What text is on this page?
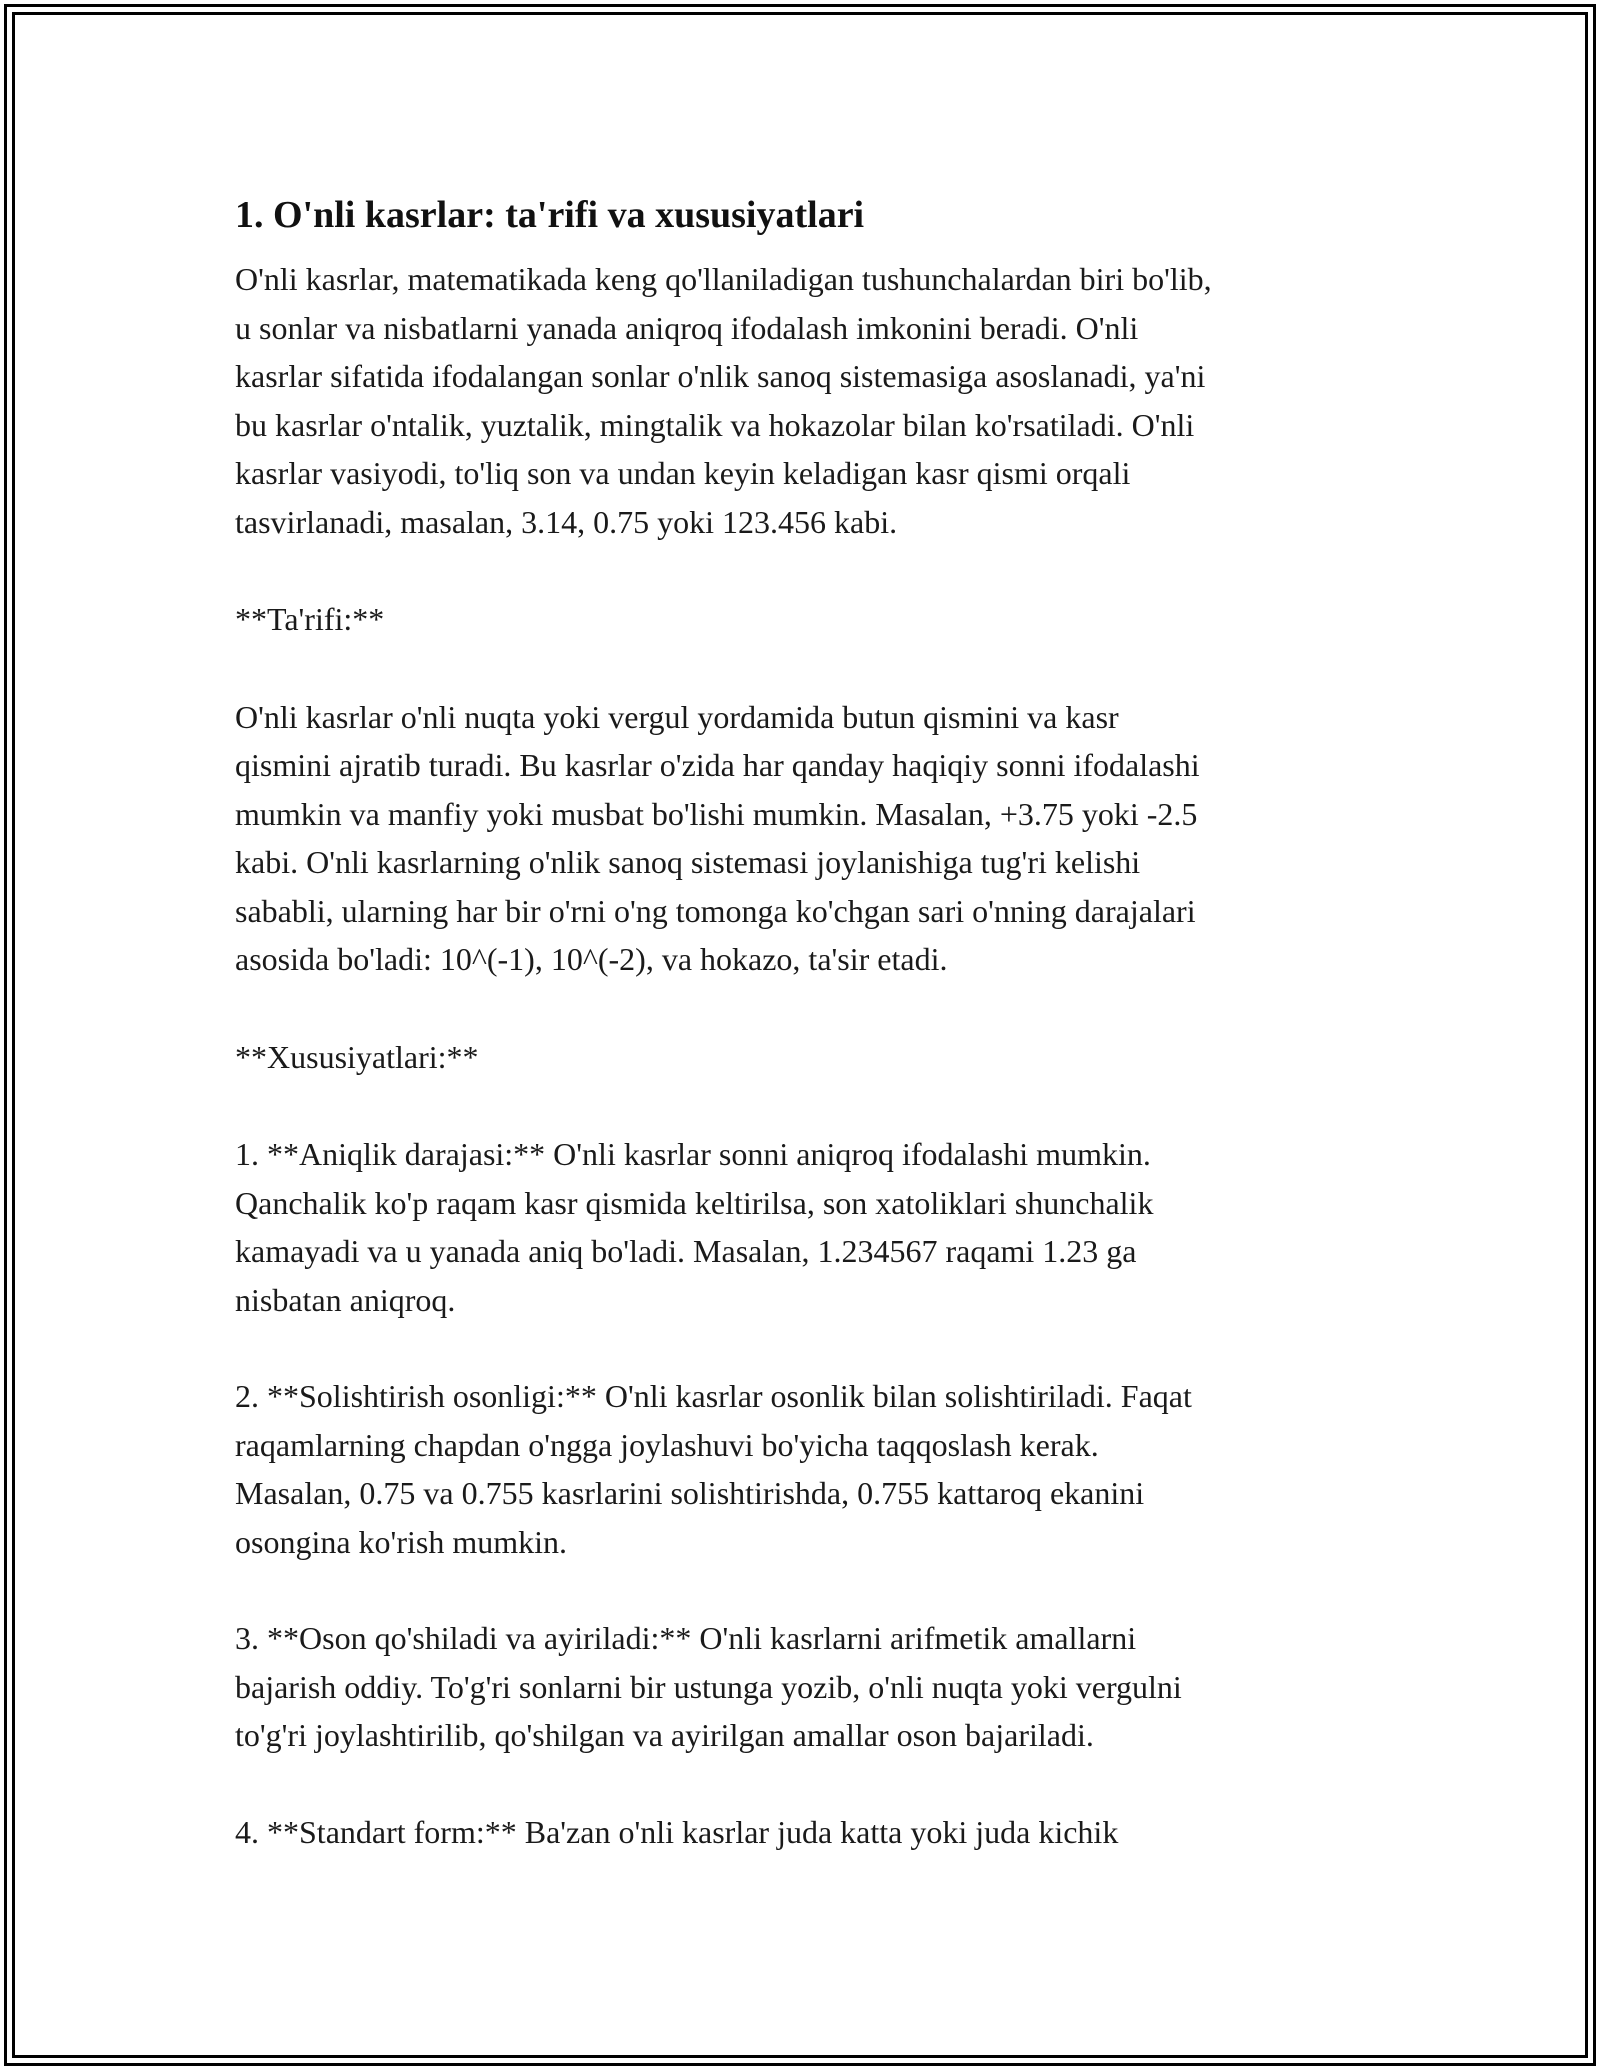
1. O'nli kasrlar: ta'rifi va xususiyatlari

O'nli kasrlar, matematikada keng qo'llaniladigan tushunchalardan biri bo'lib,
u sonlar va nisbatlarni yanada aniqroq ifodalash imkonini beradi. O'nli
kasrlar sifatida ifodalangan sonlar o'nlik sanoq sistemasiga asoslanadi, ya'ni
bu kasrlar o'ntalik, yuztalik, mingtalik va hokazolar bilan ko'rsatiladi. O'nli
kasrlar vasiyodi, to'liq son va undan keyin keladigan kasr qismi orqali
tasvirlanadi, masalan, 3.14, 0.75 yoki 123.456 kabi.

**Ta'rifi:**

O'nli kasrlar o'nli nuqta yoki vergul yordamida butun qismini va kasr
qismini ajratib turadi. Bu kasrlar o'zida har qanday haqiqiy sonni ifodalashi
mumkin va manfiy yoki musbat bo'lishi mumkin. Masalan, +3.75 yoki -2.5
kabi. O'nli kasrlarning o'nlik sanoq sistemasi joylanishiga tug'ri kelishi
sababli, ularning har bir o'rni o'ng tomonga ko'chgan sari o'nning darajalari
asosida bo'ladi: 10^(-1), 10^(-2), va hokazo, ta'sir etadi.

**Xususiyatlari:**

1. **Aniqlik darajasi:** O'nli kasrlar sonni aniqroq ifodalashi mumkin.
Qanchalik ko'p raqam kasr qismida keltirilsa, son xatoliklari shunchalik
kamayadi va u yanada aniq bo'ladi. Masalan, 1.234567 raqami 1.23 ga
nisbatan aniqroq.

2. **Solishtirish osonligi:** O'nli kasrlar osonlik bilan solishtiriladi. Faqat
raqamlarning chapdan o'ngga joylashuvi bo'yicha taqqoslash kerak.
Masalan, 0.75 va 0.755 kasrlarini solishtirishda, 0.755 kattaroq ekanini
osongina ko'rish mumkin.

3. **Oson qo'shiladi va ayiriladi:** O'nli kasrlarni arifmetik amallarni
bajarish oddiy. To'g'ri sonlarni bir ustunga yozib, o'nli nuqta yoki vergulni
to'g'ri joylashtirilib, qo'shilgan va ayirilgan amallar oson bajariladi.

4. **Standart form:** Ba'zan o'nli kasrlar juda katta yoki juda kichik
